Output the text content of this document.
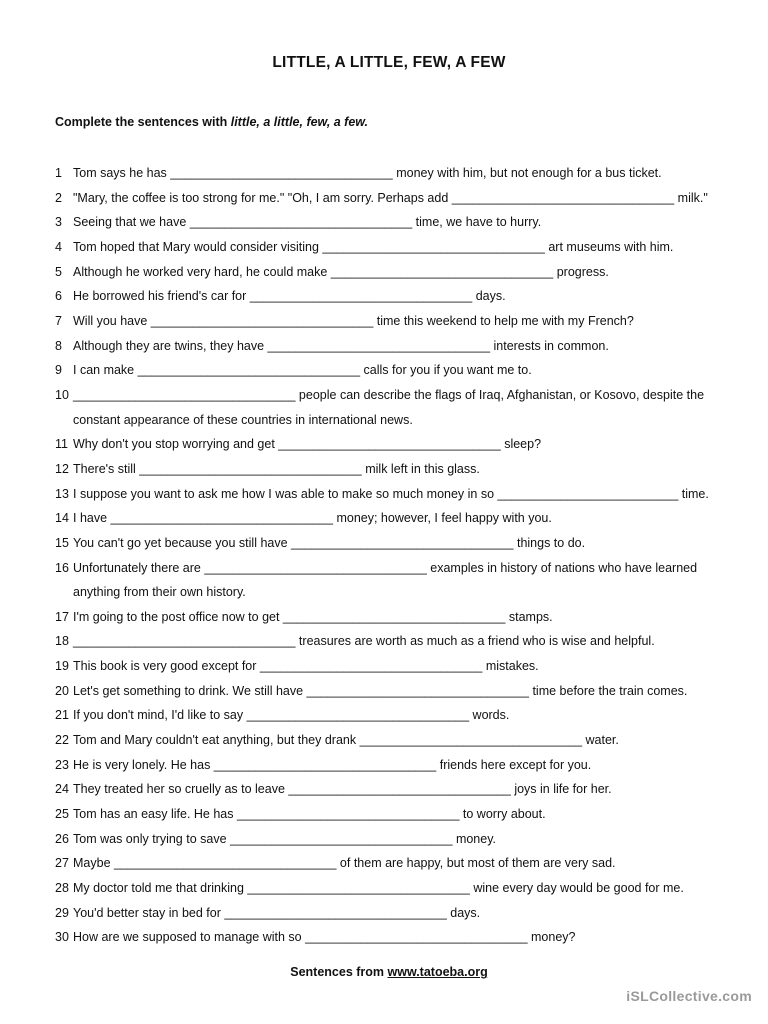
LITTLE, A LITTLE, FEW, A FEW
Complete the sentences with little, a little, few, a few.
1 Tom says he has ________________________________ money with him, but not enough for a bus ticket.
2 "Mary, the coffee is too strong for me." "Oh, I am sorry. Perhaps add ________________________________ milk."
3 Seeing that we have ________________________________ time, we have to hurry.
4 Tom hoped that Mary would consider visiting ________________________________ art museums with him.
5 Although he worked very hard, he could make ________________________________ progress.
6 He borrowed his friend's car for ________________________________ days.
7 Will you have ________________________________ time this weekend to help me with my French?
8 Although they are twins, they have ________________________________ interests in common.
9 I can make ________________________________ calls for you if you want me to.
10 ________________________________ people can describe the flags of Iraq, Afghanistan, or Kosovo, despite the constant appearance of these countries in international news.
11 Why don't you stop worrying and get ________________________________ sleep?
12 There's still ________________________________ milk left in this glass.
13 I suppose you want to ask me how I was able to make so much money in so __________________________ time.
14 I have ________________________________ money; however, I feel happy with you.
15 You can't go yet because you still have ________________________________ things to do.
16 Unfortunately there are ________________________________ examples in history of nations who have learned anything from their own history.
17 I'm going to the post office now to get ________________________________ stamps.
18 ________________________________ treasures are worth as much as a friend who is wise and helpful.
19 This book is very good except for ________________________________ mistakes.
20 Let's get something to drink. We still have ________________________________ time before the train comes.
21 If you don't mind, I'd like to say ________________________________ words.
22 Tom and Mary couldn't eat anything, but they drank ________________________________ water.
23 He is very lonely. He has ________________________________ friends here except for you.
24 They treated her so cruelly as to leave ________________________________ joys in life for her.
25 Tom has an easy life. He has ________________________________ to worry about.
26 Tom was only trying to save ________________________________ money.
27 Maybe ________________________________ of them are happy, but most of them are very sad.
28 My doctor told me that drinking ________________________________ wine every day would be good for me.
29 You'd better stay in bed for ________________________________ days.
30 How are we supposed to manage with so ________________________________ money?
Sentences from www.tatoeba.org
iSLCollective.com
